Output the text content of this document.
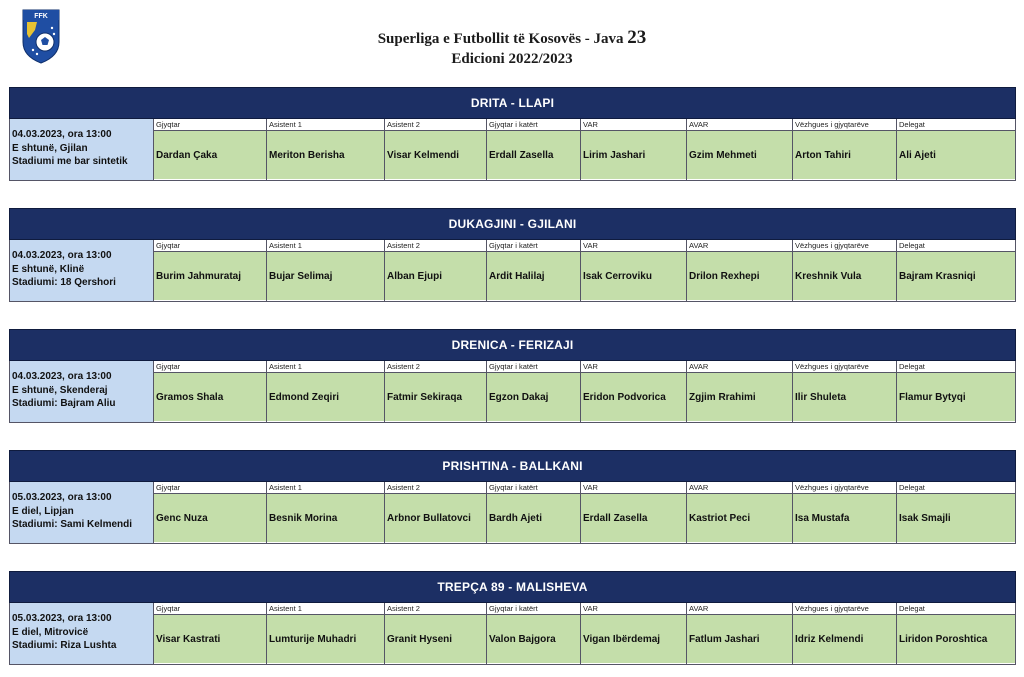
FFK
Superliga e Futbollit të Kosovës - Java 23
Edicioni 2022/2023
DRITA - LLAPI
04.03.2023, ora 13:00
E shtunë, Gjilan
Stadiumi me bar sintetik
Gjyqtar
Dardan Çaka
Asistent 1
Meriton Berisha
Asistent 2
Visar Kelmendi
Gjyqtar i katërt
Erdall Zasella
VAR
Lirim Jashari
AVAR
Gzim Mehmeti
Vëzhgues i gjyqtarëve
Arton Tahiri
Delegat
Ali Ajeti
DUKAGJINI - GJILANI
04.03.2023, ora 13:00
E shtunë, Klinë
Stadiumi: 18 Qershori
Gjyqtar
Burim Jahmurataj
Asistent 1
Bujar Selimaj
Asistent 2
Alban Ejupi
Gjyqtar i katërt
Ardit Halilaj
VAR
Isak Cerroviku
AVAR
Drilon Rexhepi
Vëzhgues i gjyqtarëve
Kreshnik Vula
Delegat
Bajram Krasniqi
DRENICA - FERIZAJI
04.03.2023, ora 13:00
E shtunë, Skenderaj
Stadiumi: Bajram Aliu
Gjyqtar
Gramos Shala
Asistent 1
Edmond Zeqiri
Asistent 2
Fatmir Sekiraqa
Gjyqtar i katërt
Egzon Dakaj
VAR
Eridon Podvorica
AVAR
Zgjim Rrahimi
Vëzhgues i gjyqtarëve
Ilir Shuleta
Delegat
Flamur Bytyqi
PRISHTINA - BALLKANI
05.03.2023, ora 13:00
E diel, Lipjan
Stadiumi: Sami Kelmendi
Gjyqtar
Genc Nuza
Asistent 1
Besnik Morina
Asistent 2
Arbnor Bullatovci
Gjyqtar i katërt
Bardh Ajeti
VAR
Erdall Zasella
AVAR
Kastriot Peci
Vëzhgues i gjyqtarëve
Isa Mustafa
Delegat
Isak Smajli
TREPÇA 89 - MALISHEVA
05.03.2023, ora 13:00
E diel, Mitrovicë
Stadiumi: Riza Lushta
Gjyqtar
Visar Kastrati
Asistent 1
Lumturije Muhadri
Asistent 2
Granit Hyseni
Gjyqtar i katërt
Valon Bajgora
VAR
Vigan Ibërdemaj
AVAR
Fatlum Jashari
Vëzhgues i gjyqtarëve
Idriz Kelmendi
Delegat
Liridon Poroshtica
